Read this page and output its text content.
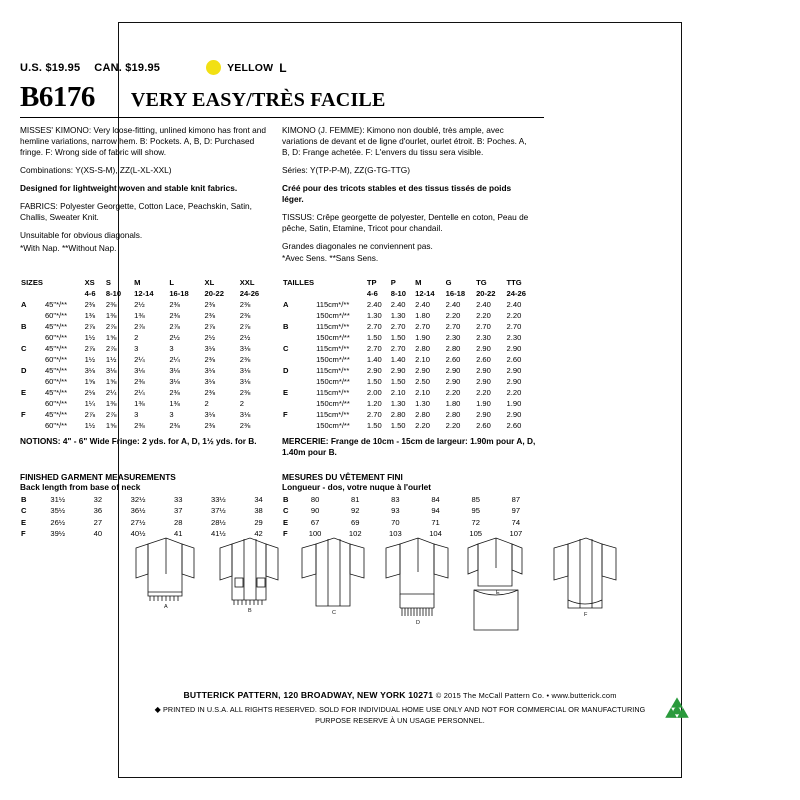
U.S. $19.95 CAN. $19.95	YELLOW L
B6176 VERY EASY/TRÈS FACILE

MISSES' KIMONO: Very loose-fitting, unlined kimono has front and hemline variations, narrow hem. B: Pockets. A, B, D: Purchased fringe. F: Wrong side of fabric will show.

Combinations: Y(XS-S-M), ZZ(L-XL-XXL)

Designed for lightweight woven and stable knit fabrics.

FABRICS: Polyester Georgette, Cotton Lace, Peachskin, Satin, Challis, Sweater Knit.

Unsuitable for obvious diagonals.

*With Nap. **Without Nap.

KIMONO (J. FEMME): Kimono non doublé, très ample, avec variations de devant et de ligne d'ourlet, ourlet étroit. B: Poches. A, B, D: Frange achetée. F: L'envers du tissu sera visible.

Séries: Y(TP-P-M), ZZ(G-TG-TTG)

Créé pour des tricots stables et des tissus tissés de poids léger.

TISSUS: Crêpe georgette de polyester, Dentelle en coton, Peau de pêche, Satin, Etamine, Tricot pour chandail.

Grandes diagonales ne conviennent pas.

*Avec Sens. **Sans Sens.

SIZES		XS	S	M	L	XL	XXL
		4-6	8-10	12-14	16-18	20-22	24-26
A	45"*/**	2⅜	2⅜	2½	2⅜	2⅜	2⅜
	60"*/**	1⅜	1⅜	1⅜	2⅜	2⅜	2⅜
B	45"*/**	2⅞	2⅞	2⅞	2⅞	2⅞	2⅞
	60"*/**	1½	1⅝	2	2½	2½	2½
C	45"*/**	2⅞	2⅞	3	3	3⅛	3⅛
	60"*/**	1½	1½	2¼	2¼	2⅜	2⅜
D	45"*/**	3⅛	3⅛	3⅛	3⅛	3⅛	3⅛
	60"*/**	1⅝	1⅝	2⅜	3⅛	3⅛	3⅛
E	45"*/**	2⅛	2¼	2¼	2⅜	2⅜	2⅜
	60"*/**	1¼	1⅜	1⅜	1⅜	2	2
F	45"*/**	2⅞	2⅞	3	3	3⅛	3⅛
	60"*/**	1½	1⅝	2⅜	2⅜	2⅜	2⅜
NOTIONS: 4" - 6" Wide Fringe: 2 yds. for A, D, 1½ yds. for B.
TAILLES		TP	P	M	G	TG	TTG
		4-6	8-10	12-14	16-18	20-22	24-26
A	115cm*/**	2.40	2.40	2.40	2.40	2.40	2.40
	150cm*/**	1.30	1.30	1.80	2.20	2.20	2.20
B	115cm*/**	2.70	2.70	2.70	2.70	2.70	2.70
	150cm*/**	1.50	1.50	1.90	2.30	2.30	2.30
C	115cm*/**	2.70	2.70	2.80	2.80	2.90	2.90
	150cm*/**	1.40	1.40	2.10	2.60	2.60	2.60
D	115cm*/**	2.90	2.90	2.90	2.90	2.90	2.90
	150cm*/**	1.50	1.50	2.50	2.90	2.90	2.90
E	115cm*/**	2.00	2.10	2.10	2.20	2.20	2.20
	150cm*/**	1.20	1.30	1.30	1.80	1.90	1.90
F	115cm*/**	2.70	2.80	2.80	2.80	2.90	2.90
	150cm*/**	1.50	1.50	2.20	2.20	2.60	2.60
MERCERIE: Frange de 10cm - 15cm de largeur: 1.90m pour A, D, 1.40m pour B.
FINISHED GARMENT MEASUREMENTS
Back length from base of neck
B	31½	32	32½	33	33½	34
C	35½	36	36½	37	37½	38
E	26½	27	27½	28	28½	29
F	39½	40	40½	41	41½	42
MESURES DU VÊTEMENT FINI
Longueur - dos, votre nuque à l'ourlet
B	80	81	83	84	85	87
C	90	92	93	94	95	97
E	67	69	70	71	72	74
F	100	102	103	104	105	107
A
B	C
D
E
F
BUTTERICK PATTERN, 120 BROADWAY, NEW YORK 10271 © 2015 The McCall Pattern Co. • www.butterick.com
◆ PRINTED IN U.S.A. ALL RIGHTS RESERVED. SOLD FOR INDIVIDUAL HOME USE ONLY AND NOT FOR COMMERCIAL OR MANUFACTURING
PURPOSE RESERVE À UN USAGE PERSONNEL.
